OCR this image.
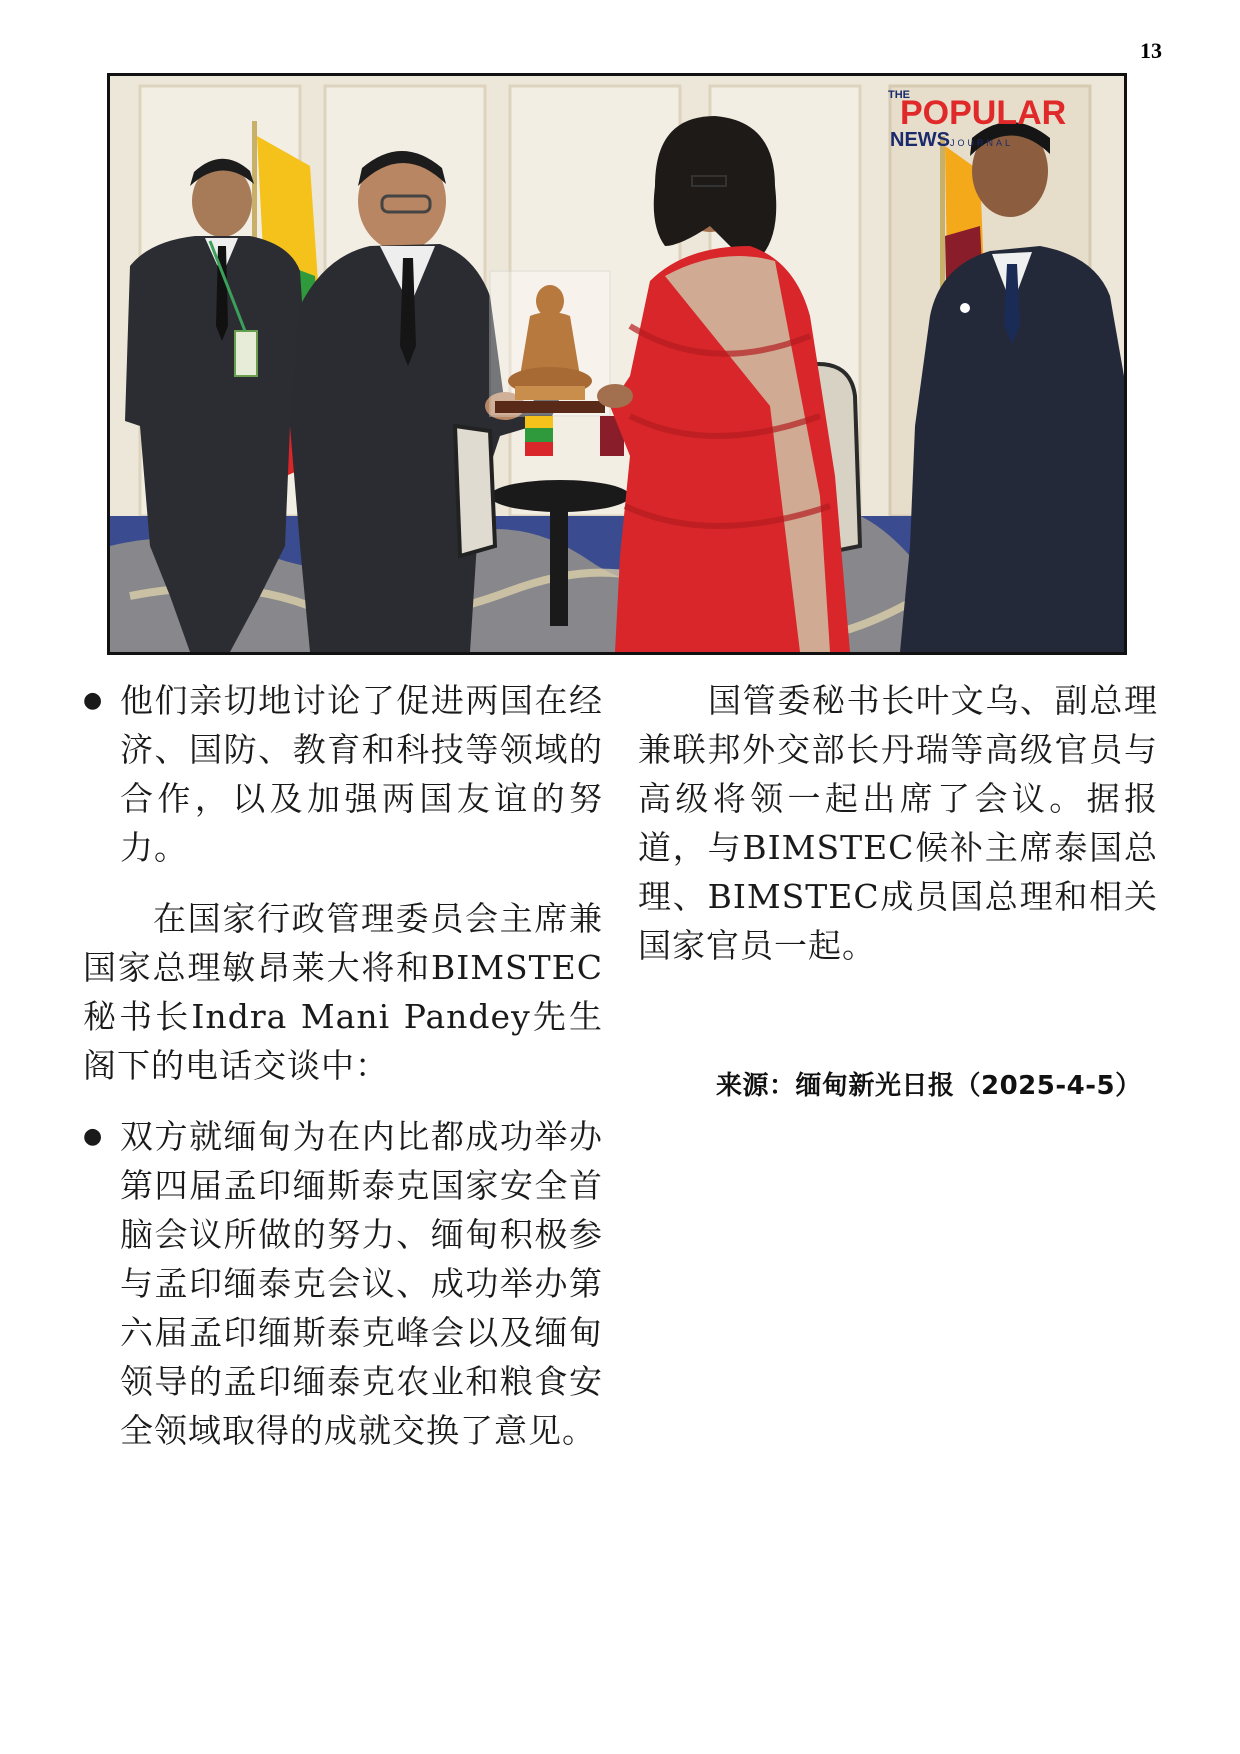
13
THE
POPULAR
NEWS JOURNAL

● 他们亲切地讨论了促进两国在经济、国防、教育和科技等领域的合作，以及加强两国友谊的努力。

在国家行政管理委员会主席兼国家总理敏昂莱大将和BIMSTEC秘书长Indra Mani Pandey先生阁下的电话交谈中：

● 双方就缅甸为在内比都成功举办第四届孟印缅斯泰克国家安全首脑会议所做的努力、缅甸积极参与孟印缅泰克会议、成功举办第六届孟印缅斯泰克峰会以及缅甸领导的孟印缅泰克农业和粮食安全领域取得的成就交换了意见。

国管委秘书长叶文乌、副总理兼联邦外交部长丹瑞等高级官员与高级将领一起出席了会议。据报道，与BIMSTEC候补主席泰国总理、BIMSTEC成员国总理和相关国家官员一起。

来源：缅甸新光日报（2025-4-5）
